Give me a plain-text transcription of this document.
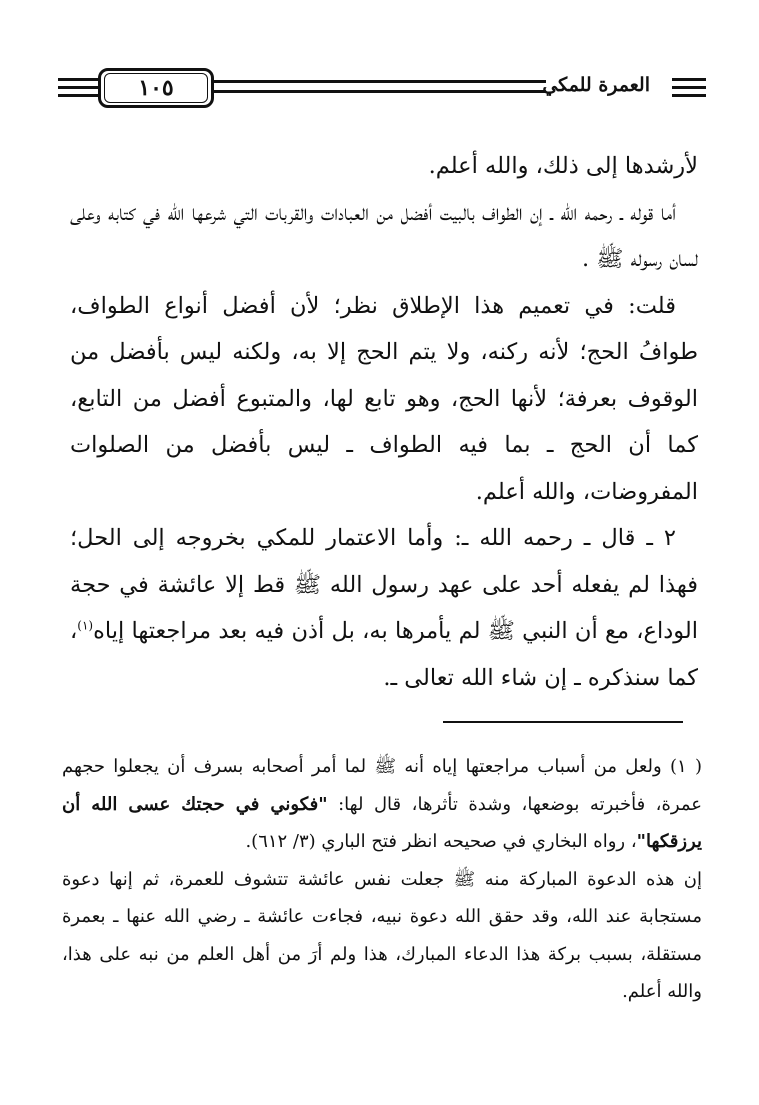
١٠٥	العمرة للمكي

لأرشدها إلى ذلك، والله أعلم.

أما قوله ـ رحمه الله ـ إن الطواف بالبيت أفضل من العبادات والقربات التي شرعها الله في كتابه وعلى لسان رسوله ﷺ .

قلت: في تعميم هذا الإطلاق نظر؛ لأن أفضل أنواع الطواف، طوافُ الحج؛ لأنه ركنه، ولا يتم الحج إلا به، ولكنه ليس بأفضل من الوقوف بعرفة؛ لأنها الحج، وهو تابع لها، والمتبوع أفضل من التابع، كما أن الحج ـ بما فيه الطواف ـ ليس بأفضل من الصلوات المفروضات، والله أعلم.

٢ ـ قال ـ رحمه الله ـ: وأما الاعتمار للمكي بخروجه إلى الحل؛ فهذا لم يفعله أحد على عهد رسول الله ﷺ قط إلا عائشة في حجة الوداع، مع أن النبي ﷺ لم يأمرها به، بل أذن فيه بعد مراجعتها إياه$^{(١)}$، كما سنذكره ـ إن شاء الله تعالى ـ.

( ١) ولعل من أسباب مراجعتها إياه أنه ﷺ لما أمر أصحابه بسرف أن يجعلوا حجهم عمرة، فأخبرته بوضعها، وشدة تأثرها، قال لها: "فكوني في حجتك عسى الله أن يرزقكها"، رواه البخاري في صحيحه انظر فتح الباري (٣/ ٦١٢).

إن هذه الدعوة المباركة منه ﷺ جعلت نفس عائشة تتشوف للعمرة، ثم إنها دعوة مستجابة عند الله، وقد حقق الله دعوة نبيه، فجاءت عائشة ـ رضي الله عنها ـ بعمرة مستقلة، بسبب بركة هذا الدعاء المبارك، هذا ولم أرَ من أهل العلم من نبه على هذا، والله أعلم.
